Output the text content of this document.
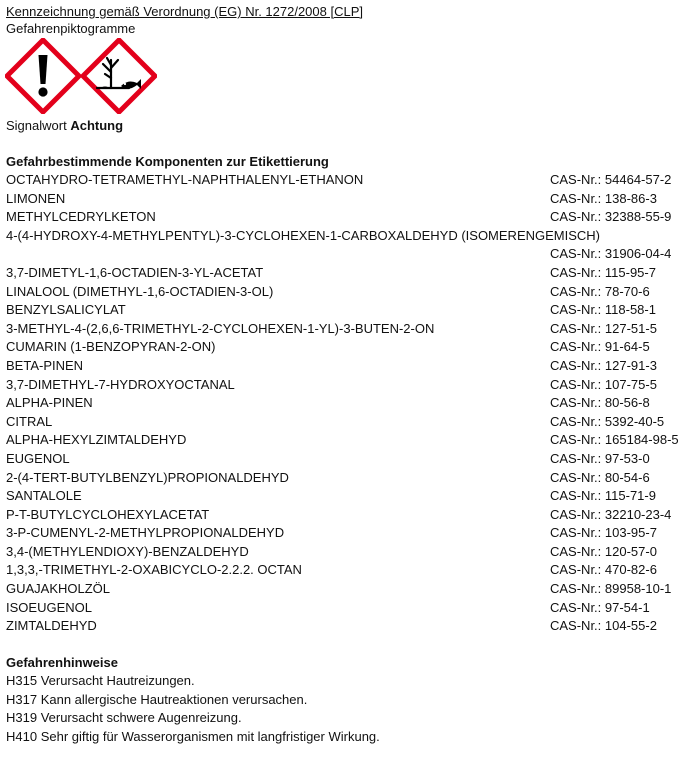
Kennzeichnung gemäß Verordnung (EG) Nr. 1272/2008 [CLP]
Gefahrenpiktogramme
Signalwort Achtung
Gefahrbestimmende Komponenten zur Etikettierung
OCTAHYDRO-TETRAMETHYL-NAPHTHALENYL-ETHANON	CAS-Nr.: 54464-57-2
LIMONEN	CAS-Nr.: 138-86-3
METHYLCEDRYLKETON	CAS-Nr.: 32388-55-9
4-(4-HYDROXY-4-METHYLPENTYL)-3-CYCLOHEXEN-1-CARBOXALDEHYD (ISOMERENGEMISCH)
CAS-Nr.: 31906-04-4
3,7-DIMETYL-1,6-OCTADIEN-3-YL-ACETAT	CAS-Nr.: 115-95-7
LINALOOL (DIMETHYL-1,6-OCTADIEN-3-OL)	CAS-Nr.: 78-70-6
BENZYLSALICYLAT	CAS-Nr.: 118-58-1
3-METHYL-4-(2,6,6-TRIMETHYL-2-CYCLOHEXEN-1-YL)-3-BUTEN-2-ON	CAS-Nr.: 127-51-5
CUMARIN (1-BENZOPYRAN-2-ON)	CAS-Nr.: 91-64-5
BETA-PINEN	CAS-Nr.: 127-91-3
3,7-DIMETHYL-7-HYDROXYOCTANAL	CAS-Nr.: 107-75-5
ALPHA-PINEN	CAS-Nr.: 80-56-8
CITRAL	CAS-Nr.: 5392-40-5
ALPHA-HEXYLZIMTALDEHYD	CAS-Nr.: 165184-98-5
EUGENOL	CAS-Nr.: 97-53-0
2-(4-TERT-BUTYLBENZYL)PROPIONALDEHYD	CAS-Nr.: 80-54-6
SANTALOLE	CAS-Nr.: 115-71-9
P-T-BUTYLCYCLOHEXYLACETAT	CAS-Nr.: 32210-23-4
3-P-CUMENYL-2-METHYLPROPIONALDEHYD	CAS-Nr.: 103-95-7
3,4-(METHYLENDIOXY)-BENZALDEHYD	CAS-Nr.: 120-57-0
1,3,3,-TRIMETHYL-2-OXABICYCLO-2.2.2. OCTAN	CAS-Nr.: 470-82-6
GUAJAKHOLZÖL	CAS-Nr.: 89958-10-1
ISOEUGENOL	CAS-Nr.: 97-54-1
ZIMTALDEHYD	CAS-Nr.: 104-55-2
Gefahrenhinweise
H315 Verursacht Hautreizungen.
H317 Kann allergische Hautreaktionen verursachen.
H319 Verursacht schwere Augenreizung.
H410 Sehr giftig für Wasserorganismen mit langfristiger Wirkung.
